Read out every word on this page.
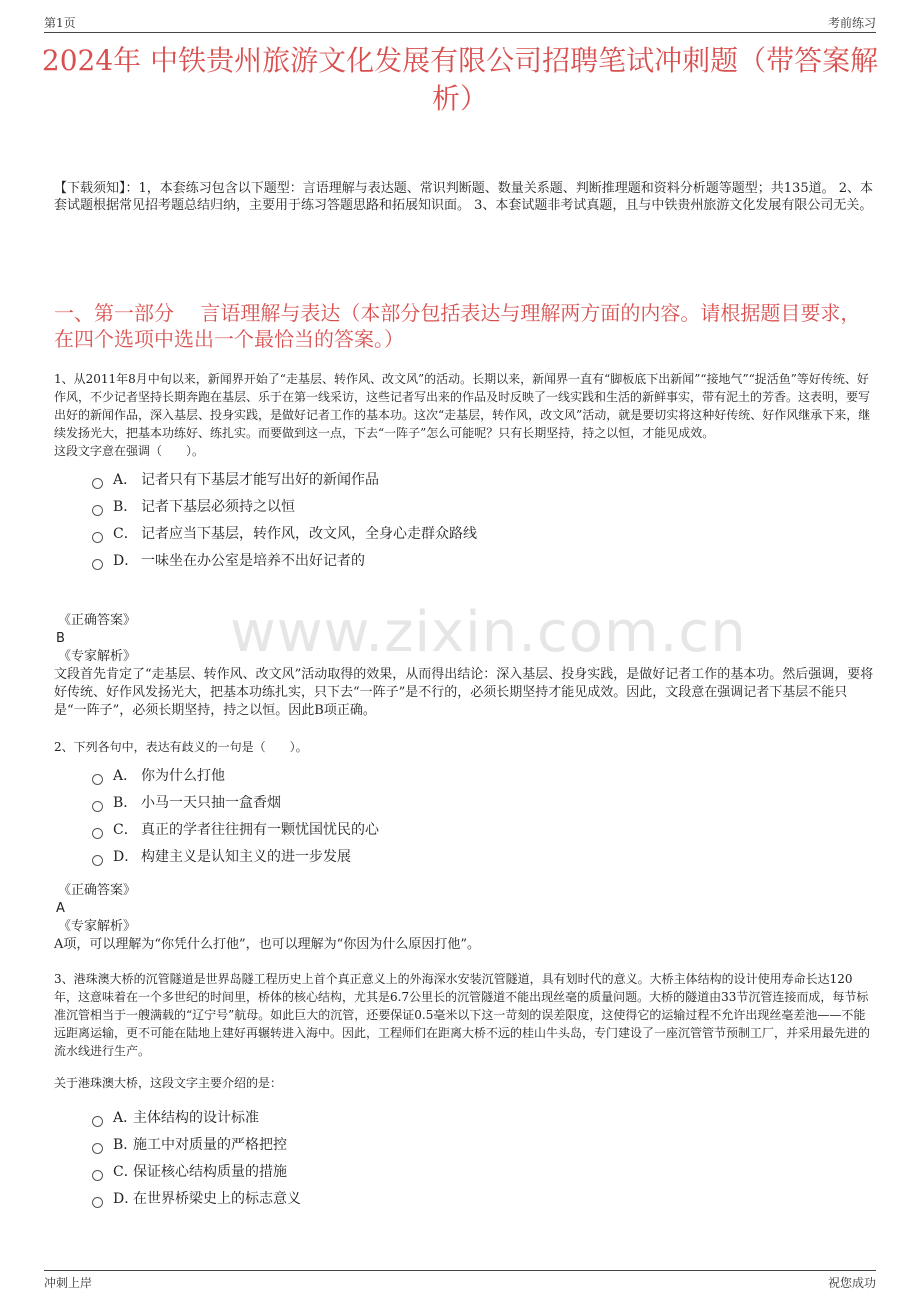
第1页	考前练习
2024年 中铁贵州旅游文化发展有限公司招聘笔试冲刺题（带答案解析）
【下载须知】：1，本套练习包含以下题型：言语理解与表达题、常识判断题、数量关系题、判断推理题和资料分析题等题型；共135道。 2、本套试题根据常见招考题总结归纳，主要用于练习答题思路和拓展知识面。 3、本套试题非考试真题，且与中铁贵州旅游文化发展有限公司无关。
一、第一部分　 言语理解与表达（本部分包括表达与理解两方面的内容。请根据题目要求，在四个选项中选出一个最恰当的答案。）
www.zixin.com.cn

1、从2011年8月中旬以来，新闻界开始了“走基层、转作风、改文风”的活动。长期以来，新闻界一直有“脚板底下出新闻”“接地气”“捉活鱼”等好传统、好作风，不少记者坚持长期奔跑在基层、乐于在第一线采访，这些记者写出来的作品及时反映了一线实践和生活的新鲜事实，带有泥土的芳香。这表明，要写出好的新闻作品，深入基层、投身实践，是做好记者工作的基本功。这次“走基层，转作风，改文风”活动，就是要切实将这种好传统、好作风继承下来，继续发扬光大，把基本功练好、练扎实。而要做到这一点，下去“一阵子”怎么可能呢？只有长期坚持，持之以恒，才能见成效。

这段文字意在强调（　　）。

A． 记者只有下基层才能写出好的新闻作品
B． 记者下基层必须持之以恒
C． 记者应当下基层，转作风，改文风，全身心走群众路线
D． 一味坐在办公室是培养不出好记者的
《正确答案》
B
《专家解析》
文段首先肯定了“走基层、转作风、改文风”活动取得的效果，从而得出结论：深入基层、投身实践，是做好记者工作的基本功。然后强调，要将好传统、好作风发扬光大，把基本功练扎实，只下去“一阵子”是不行的，必须长期坚持才能见成效。因此，文段意在强调记者下基层不能只是“一阵子”，必须长期坚持，持之以恒。因此B项正确。

2、下列各句中，表达有歧义的一句是（　　）。

A． 你为什么打他
B． 小马一天只抽一盒香烟
C． 真正的学者往往拥有一颗忧国忧民的心
D． 构建主义是认知主义的进一步发展
《正确答案》
A
《专家解析》
A项，可以理解为“你凭什么打他”，也可以理解为“你因为什么原因打他”。

3、港珠澳大桥的沉管隧道是世界岛隧工程历史上首个真正意义上的外海深水安装沉管隧道，具有划时代的意义。大桥主体结构的设计使用寿命长达120年，这意味着在一个多世纪的时间里，桥体的核心结构，尤其是6.7公里长的沉管隧道不能出现丝毫的质量问题。大桥的隧道由33节沉管连接而成，每节标准沉管相当于一艘满载的“辽宁号”航母。如此巨大的沉管，还要保证0.5毫米以下这一苛刻的误差限度，这使得它的运输过程不允许出现丝毫差池——不能远距离运输，更不可能在陆地上建好再辗转进入海中。因此，工程师们在距离大桥不远的桂山牛头岛，专门建设了一座沉管管节预制工厂，并采用最先进的流水线进行生产。

关于港珠澳大桥，这段文字主要介绍的是：

A．
主体结构的设计标准
B．
施工中对质量的严格把控
C．
保证核心结构质量的措施
D．
在世界桥梁史上的标志意义
冲刺上岸	祝您成功
